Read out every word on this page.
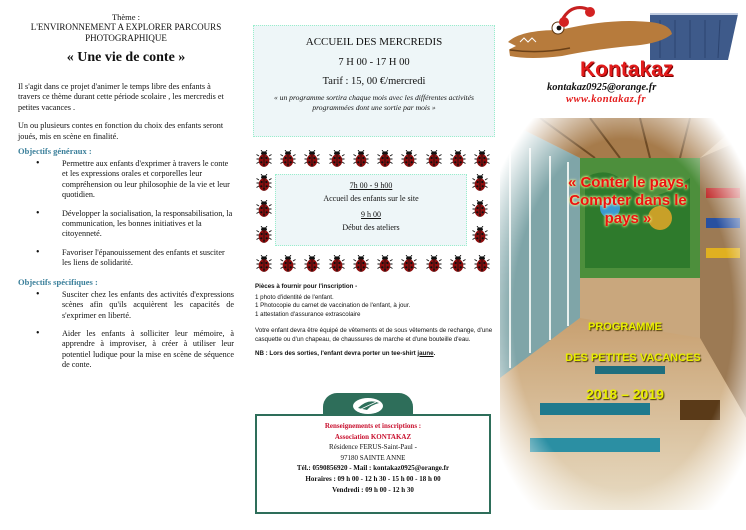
Thème :
L'ENVIRONNEMENT A EXPLORER PARCOURS
PHOTOGRAPHIQUE
« Une vie de conte »

Il s'agit dans ce projet d'animer le temps libre des enfants à travers ce thème durant cette période scolaire , les mercredis et petites vacances .

Un ou plusieurs contes en fonction du choix des enfants seront joués, mis en scène en finalité.

Objectifs généraux :
• Permettre aux enfants d'exprimer à travers le conte et les expressions orales et corporelles leur compréhension ou leur philosophie de la vie et leur quotidien.
• Développer la socialisation, la responsabilisation, la communication, les bonnes initiatives et la citoyenneté.
• Favoriser l'épanouissement des enfants et susciter les liens de solidarité.
Objectifs spécifiques :
• Susciter chez les enfants des activités d'expressions scènes afin qu'ils acquièrent les capacités de s'exprimer en liberté.
• Aider les enfants à solliciter leur mémoire, à apprendre à improviser, à créer à utiliser leur potentiel ludique pour la mise en scène de séquence de conte.
ACCUEIL DES MERCREDIS
7 H 00 - 17 H 00
Tarif : 15, 00 €/mercredi
« un programme sortira chaque mois avec les différentes activités programmées dont une sortie par mois »
7h 00 - 9 h00
Accueil des enfants sur le site
9 h 00
Début des ateliers
Pièces à fournir pour l'inscription -

1 photo d'identité de l'enfant.

1 Photocopie du carnet de vaccination de l'enfant, à jour.

1 attestation d'assurance extrascolaire

Votre enfant devra être équipé de vêtements et de sous vêtements de rechange, d'une casquette ou d'un chapeau, de chaussures de marche et d'une bouteille d'eau.

NB : Lors des sorties, l'enfant devra porter un tee-shirt jaune.

Renseignements et inscriptions :
Association KONTAKAZ
Résidence FERUS-Saint-Paul -
97180 SAINTE ANNE
Tél.: 0590856920 - Mail : kontakaz0925@orange.fr
Horaires : 09 h 00 - 12 h 30 - 15 h 00 - 18 h 00
Vendredi : 09 h 00 - 12 h 30
Kontakaz
kontakaz0925@orange.fr
www.kontakaz.fr
« Conter le pays,
Compter dans le
pays »
PROGRAMME
DES PETITES VACANCES
2018 – 2019
